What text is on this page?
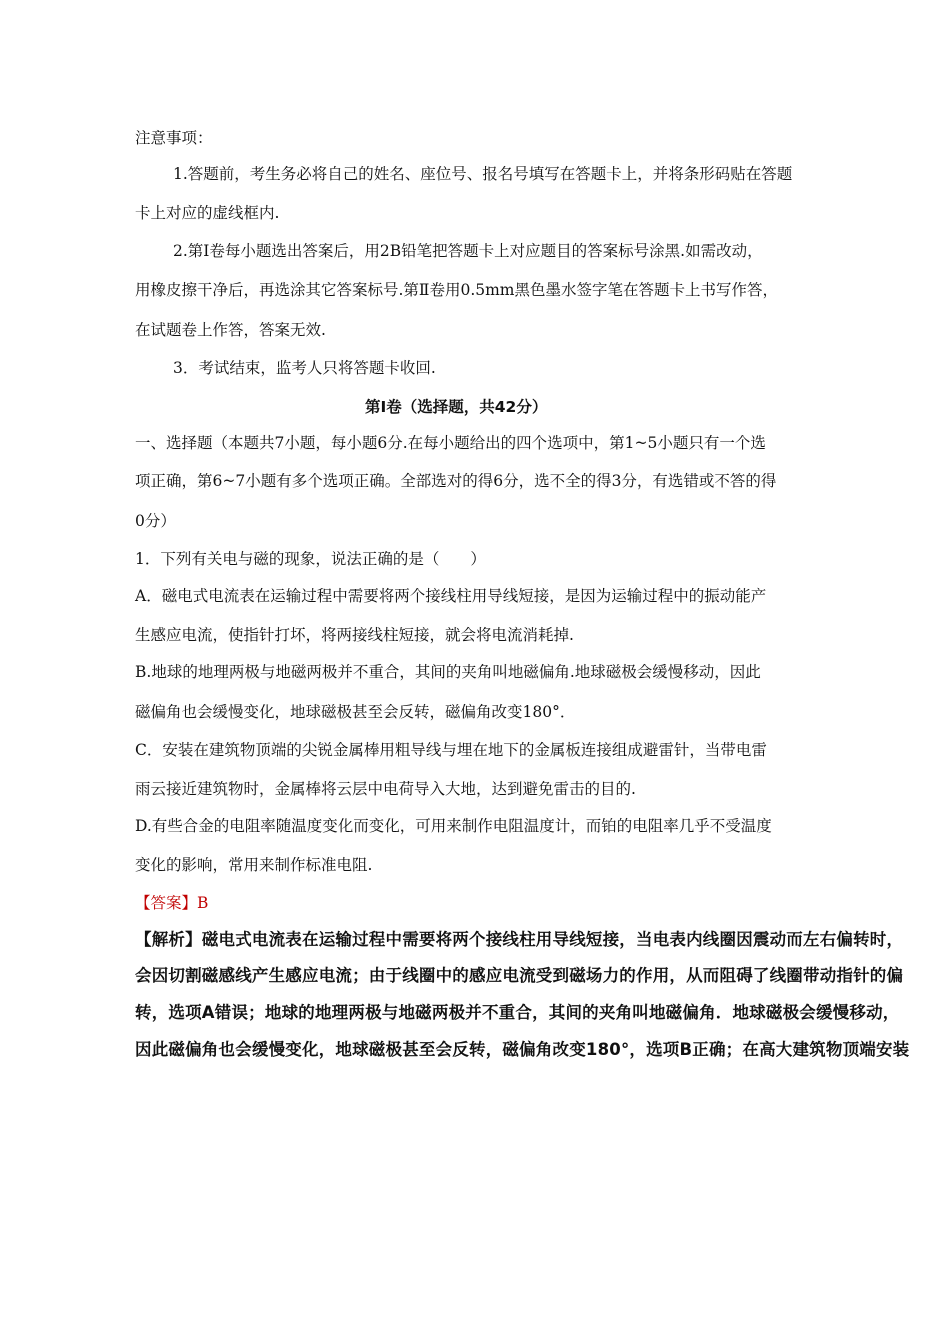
注意事项：
1.答题前，考生务必将自己的姓名、座位号、报名号填写在答题卡上，并将条形码贴在答题
卡上对应的虚线框内.
2.第Ⅰ卷每小题选出答案后，用2B铅笔把答题卡上对应题目的答案标号涂黑.如需改动，
用橡皮擦干净后，再选涂其它答案标号.第Ⅱ卷用0.5mm黑色墨水签字笔在答题卡上书写作答，
在试题卷上作答，答案无效.
3．考试结束，监考人只将答题卡收回.
第Ⅰ卷（选择题，共42分）
一、选择题（本题共7小题，每小题6分.在每小题给出的四个选项中，第1~5小题只有一个选
项正确，第6~7小题有多个选项正确。全部选对的得6分，选不全的得3分，有选错或不答的得
0分）
1．下列有关电与磁的现象，说法正确的是（　　）
A．磁电式电流表在运输过程中需要将两个接线柱用导线短接，是因为运输过程中的振动能产
生感应电流，使指针打坏，将两接线柱短接，就会将电流消耗掉.
B.地球的地理两极与地磁两极并不重合，其间的夹角叫地磁偏角.地球磁极会缓慢移动，因此
磁偏角也会缓慢变化，地球磁极甚至会反转，磁偏角改变180°．
C．安装在建筑物顶端的尖锐金属棒用粗导线与埋在地下的金属板连接组成避雷针，当带电雷
雨云接近建筑物时，金属棒将云层中电荷导入大地，达到避免雷击的目的.
D.有些合金的电阻率随温度变化而变化，可用来制作电阻温度计，而铂的电阻率几乎不受温度
变化的影响，常用来制作标准电阻.
【答案】B
【解析】磁电式电流表在运输过程中需要将两个接线柱用导线短接，当电表内线圈因震动而左右偏转时，
会因切割磁感线产生感应电流；由于线圈中的感应电流受到磁场力的作用，从而阻碍了线圈带动指针的偏
转，选项A错误；地球的地理两极与地磁两极并不重合，其间的夹角叫地磁偏角．地球磁极会缓慢移动，
因此磁偏角也会缓慢变化，地球磁极甚至会反转，磁偏角改变180°，选项B正确；在高大建筑物顶端安装
